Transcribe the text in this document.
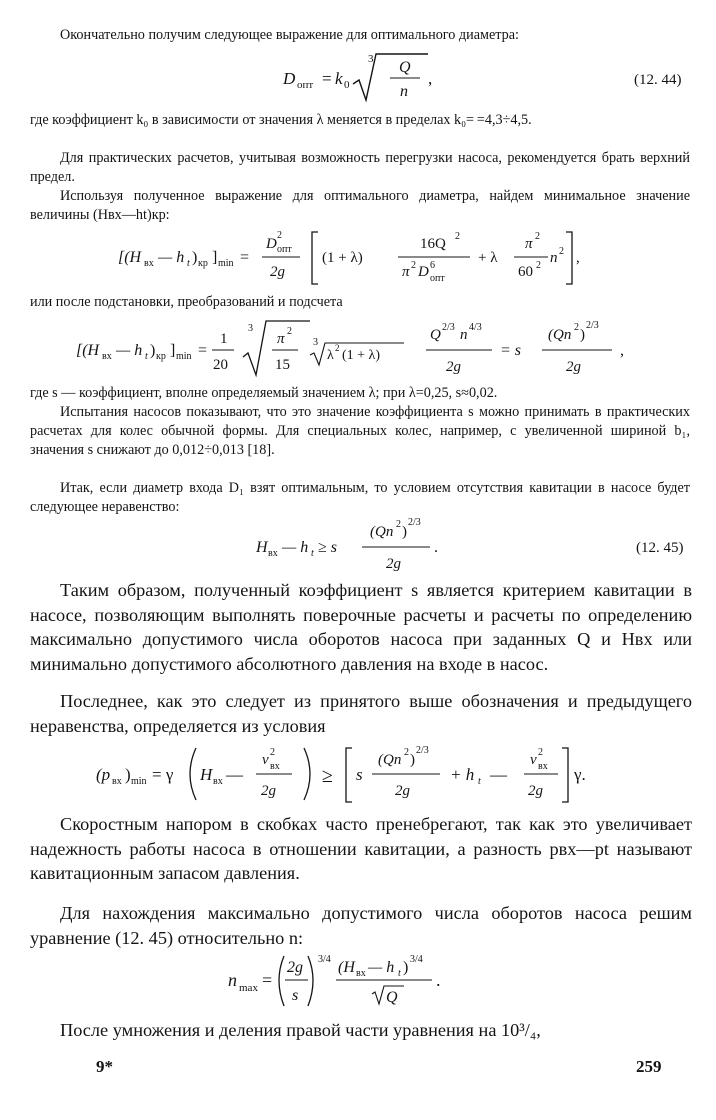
Окончательно получим следующее выражение для оптимального диаметра:
D опт = k 0
3 Q
n
,	(12. 44)
где коэффициент k₀ в зависимости от значения λ меняется в пределах k₀= =4,3÷4,5.
Для практических расчетов, учитывая возможность перегрузки насоса, рекомендуется брать верхний предел.
Используя полученное выражение для оптимального диаметра, найдем минимальное значение величины (Hвх—ht)кр:
[(H вх — h t ) кр ] min =
D
2
опт
2g
(1 + λ)
16Q 2
π 2 D 6
опт
+ λ
π 2
60 2 n 2 ,
или после подстановки, преобразований и подсчета
[(H вх — h t ) кр ] min =
1
20
3
π 2
15
3
λ 2 (1 + λ)
Q 2/3 n 4/3
2g
= s
(Qn 2 )
2/3
2g
,
где s — коэффициент, вполне определяемый значением λ; при λ=0,25, s≈0,02.
Испытания насосов показывают, что это значение коэффициента s можно принимать в практических расчетах для колес обычной формы. Для специальных колес, например, с увеличенной шириной b₁, значения s снижают до 0,012÷0,013 [18].
Итак, если диаметр входа D₁ взят оптимальным, то условием отсутствия кавитации в насосе будет следующее неравенство:
H вх — h t ≥ s
(Qn 2 )
2/3
2g
.	(12. 45)
Таким образом, полученный коэффициент s является критерием кавитации в насосе, позволяющим выполнять поверочные расчеты и расчеты по определению максимально допустимого числа оборотов насоса при заданных Q и Hвх или минимально допустимого абсолютного давления на входе в насос.
Последнее, как это следует из принятого выше обозначения и предыдущего неравенства, определяется из условия
(p вх ) min = γ H вх —
v 2
вх
2g
≥ s
(Qn 2 )
2/3
2g
+ h t —
v 2
вх
2g
γ.
Скоростным напором в скобках часто пренебрегают, так как это увеличивает надежность работы насоса в отношении кавитации, а разность pвх—pt называют кавитационным запасом давления.
Для нахождения максимально допустимого числа оборотов насоса решим уравнение (12. 45) относительно n:
n max =
2g
s
3/4 (H вх — h t ) 3/4
Q
.
После умножения и деления правой части уравнения на 10³/₄,
9*	259
